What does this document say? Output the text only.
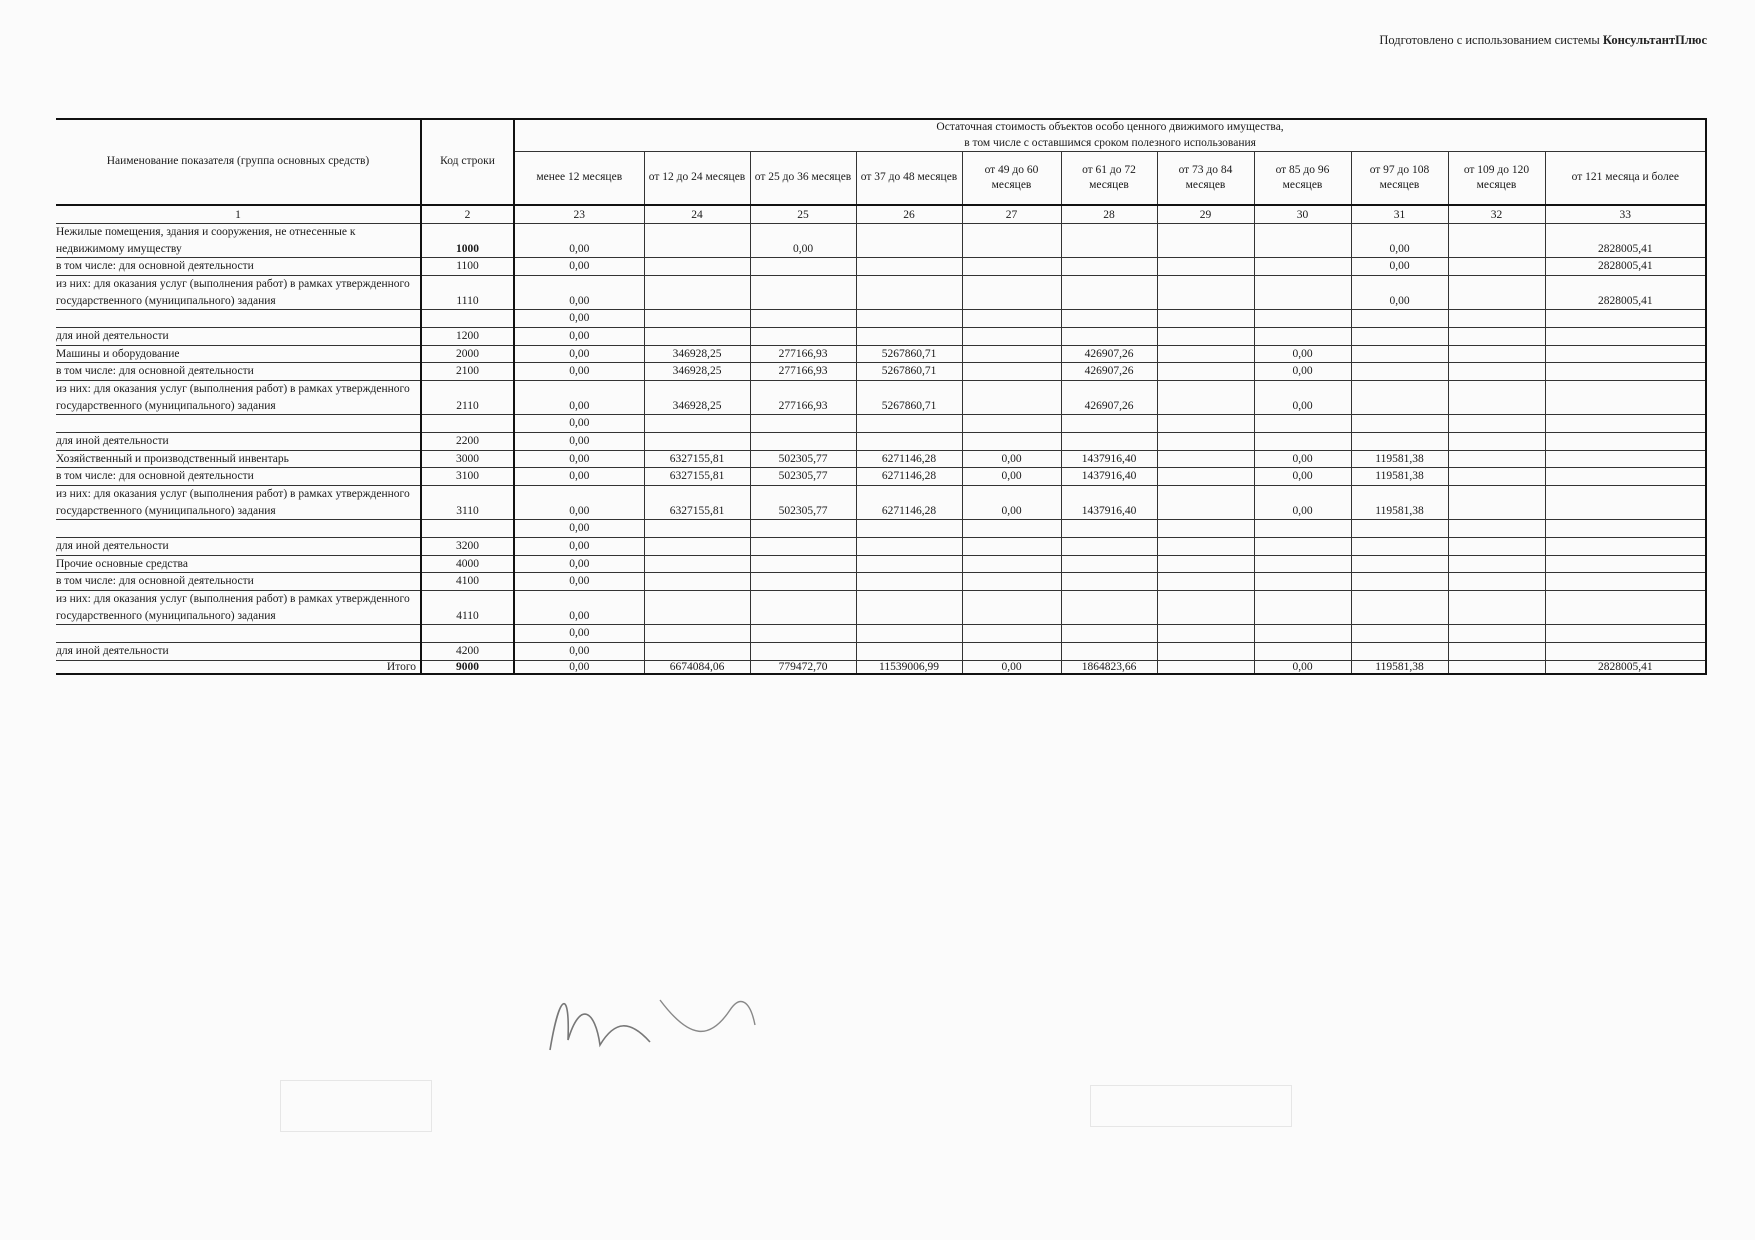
Подготовлено с использованием системы КонсультантПлюс
Наименование показателя (группа основных средств)	Код строки	Остаточная стоимость объектов особо ценного движимого имущества,
в том числе с оставшимся сроком полезного использования										

		менее 12 месяцев	от 12 до 24 месяцев	от 25 до 36 месяцев	от 37 до 48 месяцев	от 49 до 60 месяцев	от 61 до 72 месяцев	от 73 до 84 месяцев	от 85 до 96 месяцев	от 97 до 108 месяцев	от 109 до 120 месяцев	от 121 месяца и более
1	2	23	24	25	26	27	28	29	30	31	32	33
Нежилые помещения, здания и сооружения, не отнесенные к недвижимому имуществу	1000	0,00		0,00						0,00		2828005,41
в том числе: для основной деятельности	1100	0,00								0,00		2828005,41
из них: для оказания услуг (выполнения работ) в рамках утвержденного государственного (муниципального) задания	1110	0,00								0,00		2828005,41
		0,00										
для иной деятельности	1200	0,00										
Машины и оборудование	2000	0,00	346928,25	277166,93	5267860,71		426907,26		0,00			
в том числе: для основной деятельности	2100	0,00	346928,25	277166,93	5267860,71		426907,26		0,00			
из них: для оказания услуг (выполнения работ) в рамках утвержденного государственного (муниципального) задания	2110	0,00	346928,25	277166,93	5267860,71		426907,26		0,00			
		0,00										
для иной деятельности	2200	0,00										
Хозяйственный и производственный инвентарь	3000	0,00	6327155,81	502305,77	6271146,28	0,00	1437916,40		0,00	119581,38		
в том числе: для основной деятельности	3100	0,00	6327155,81	502305,77	6271146,28	0,00	1437916,40		0,00	119581,38		
из них: для оказания услуг (выполнения работ) в рамках утвержденного государственного (муниципального) задания	3110	0,00	6327155,81	502305,77	6271146,28	0,00	1437916,40		0,00	119581,38		
		0,00										
для иной деятельности	3200	0,00										
Прочие основные средства	4000	0,00										
в том числе: для основной деятельности	4100	0,00										
из них: для оказания услуг (выполнения работ) в рамках утвержденного государственного (муниципального) задания	4110	0,00										
		0,00										
для иной деятельности	4200	0,00										
Итого	9000	0,00	6674084,06	779472,70	11539006,99	0,00	1864823,66		0,00	119581,38		2828005,41
